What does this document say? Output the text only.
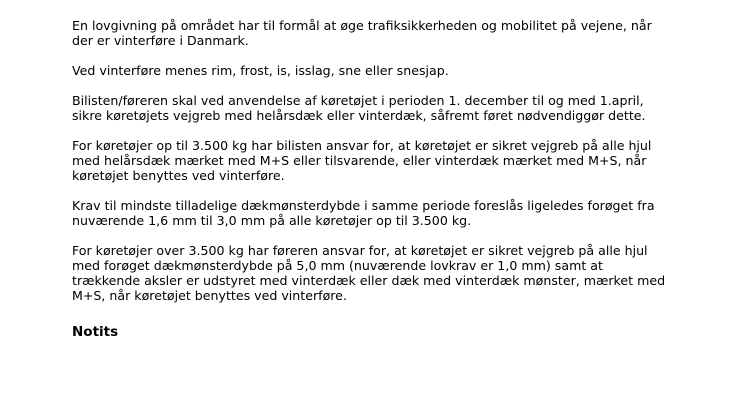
En lovgivning på området har til formål at øge trafiksikkerheden og mobilitet på vejene, når der er vinterføre i Danmark.

Ved vinterføre menes rim, frost, is, isslag, sne eller snesjap.

Bilisten/føreren skal ved anvendelse af køretøjet i perioden 1. december til og med 1.april, sikre køretøjets vejgreb med helårsdæk eller vinterdæk, såfremt føret nødvendiggør dette.

For køretøjer op til 3.500 kg har bilisten ansvar for, at køretøjet er sikret vejgreb på alle hjul med helårsdæk mærket med M+S eller tilsvarende, eller vinterdæk mærket med M+S, når køretøjet benyttes ved vinterføre.

Krav til mindste tilladelige dækmønsterdybde i samme periode foreslås ligeledes forøget fra nuværende 1,6 mm til 3,0 mm på alle køretøjer op til 3.500 kg.

For køretøjer over 3.500 kg har føreren ansvar for, at køretøjet er sikret vejgreb på alle hjul med forøget dækmønsterdybde på 5,0 mm (nuværende lovkrav er 1,0 mm) samt at trækkende aksler er udstyret med vinterdæk eller dæk med vinterdæk mønster, mærket med M+S, når køretøjet benyttes ved vinterføre.

Notits
